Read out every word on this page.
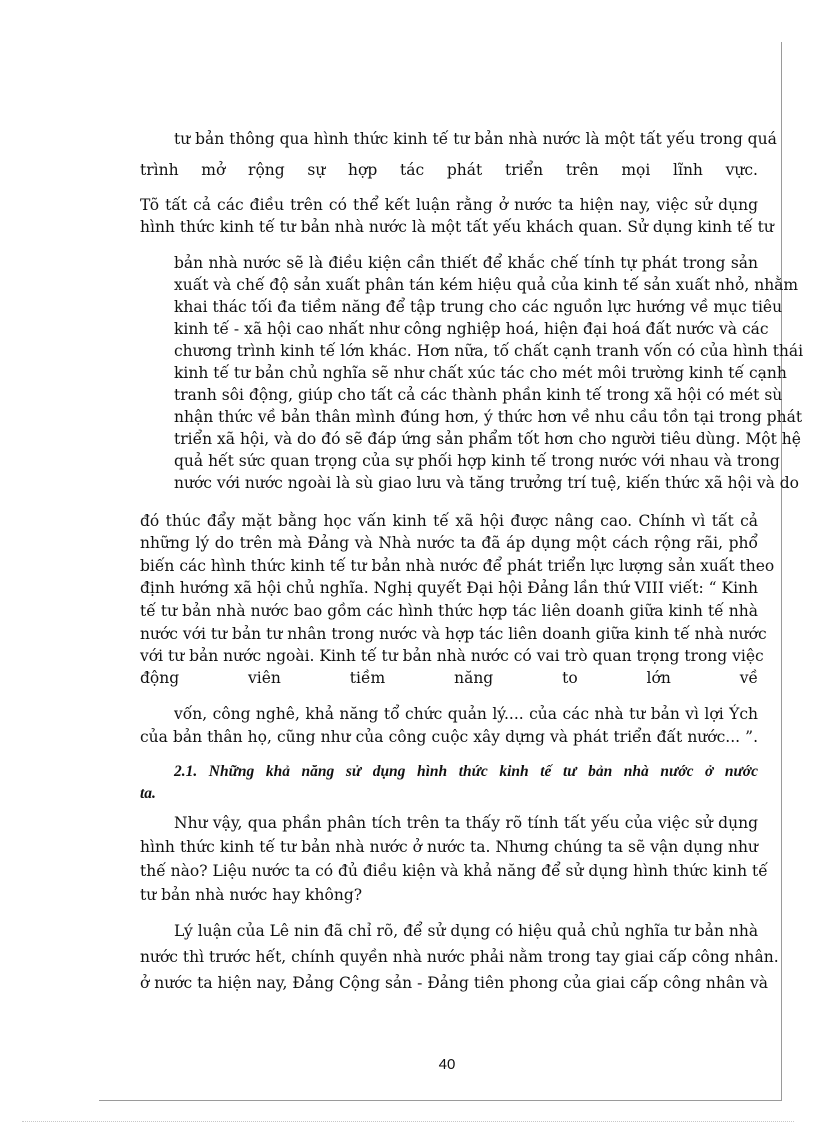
tư bản thông qua hình thức kinh tế tư bản nhà nước là một tất yếu trong quá
trình mở rộng sự hợp tác phát triển trên mọi lĩnh vực.
Tõ tất cả các điều trên có thể kết luận rằng ở nước ta hiện nay, việc sử dụng
hình thức kinh tế tư bản nhà nước là một tất yếu khách quan. Sử dụng kinh tế tư
bản nhà nước sẽ là điều kiện cần thiết để khắc chế tính tự phát trong sản
xuất và chế độ sản xuất phân tán kém hiệu quả của kinh tế sản xuất nhỏ, nhằm
khai thác tối đa tiềm năng để tập trung cho các nguồn lực hướng về mục tiêu
kinh tế - xã hội cao nhất như công nghiệp hoá, hiện đại hoá đất nước và các
chương trình kinh tế lớn khác. Hơn nữa, tố chất cạnh tranh vốn có của hình thái
kinh tế tư bản chủ nghĩa sẽ như chất xúc tác cho mét môi trường kinh tế cạnh
tranh sôi động, giúp cho tất cả các thành phần kinh tế trong xã hội có mét sù
nhận thức về bản thân mình đúng hơn, ý thức hơn về nhu cầu tồn tại trong phát
triển xã hội, và do đó sẽ đáp ứng sản phẩm tốt hơn cho người tiêu dùng. Một hệ
quả hết sức quan trọng của sự phối hợp kinh tế trong nước với nhau và trong
nước với nước ngoài là sù giao lưu và tăng trưởng trí tuệ, kiến thức xã hội và do
đó thúc đẩy mặt bằng học vấn kinh tế xã hội được nâng cao. Chính vì tất cả
những lý do trên mà Đảng và Nhà nước ta đã áp dụng một cách rộng rãi, phổ
biến các hình thức kinh tế tư bản nhà nước để phát triển lực lượng sản xuất theo
định hướng xã hội chủ nghĩa. Nghị quyết Đại hội Đảng lần thứ VIII viết: “ Kinh
tế tư bản nhà nước bao gồm các hình thức hợp tác liên doanh giữa kinh tế nhà
nước với tư bản tư nhân trong nước và hợp tác liên doanh giữa kinh tế nhà nước
với tư bản nước ngoài. Kinh tế tư bản nhà nước có vai trò quan trọng trong việc
động viên tiềm năng to lớn về
vốn, công nghê, khả năng tổ chức quản lý.... của các nhà tư bản vì lợi Ých
của bản thân họ, cũng như của công cuộc xây dựng và phát triển đất nước... ”.
2.1. Những khả năng sử dụng hình thức kinh tế tư bản nhà nước ở nước
ta.
Như vậy, qua phần phân tích trên ta thấy rõ tính tất yếu của việc sử dụng
hình thức kinh tế tư bản nhà nước ở nước ta. Nhưng chúng ta sẽ vận dụng như
thế nào? Liệu nước ta có đủ điều kiện và khả năng để sử dụng hình thức kinh tế
tư bản nhà nước hay không?
Lý luận của Lê nin đã chỉ rõ, để sử dụng có hiệu quả chủ nghĩa tư bản nhà
nước thì trước hết, chính quyền nhà nước phải nằm trong tay giai cấp công nhân.
ở nước ta hiện nay, Đảng Cộng sản - Đảng tiên phong của giai cấp công nhân và
40
